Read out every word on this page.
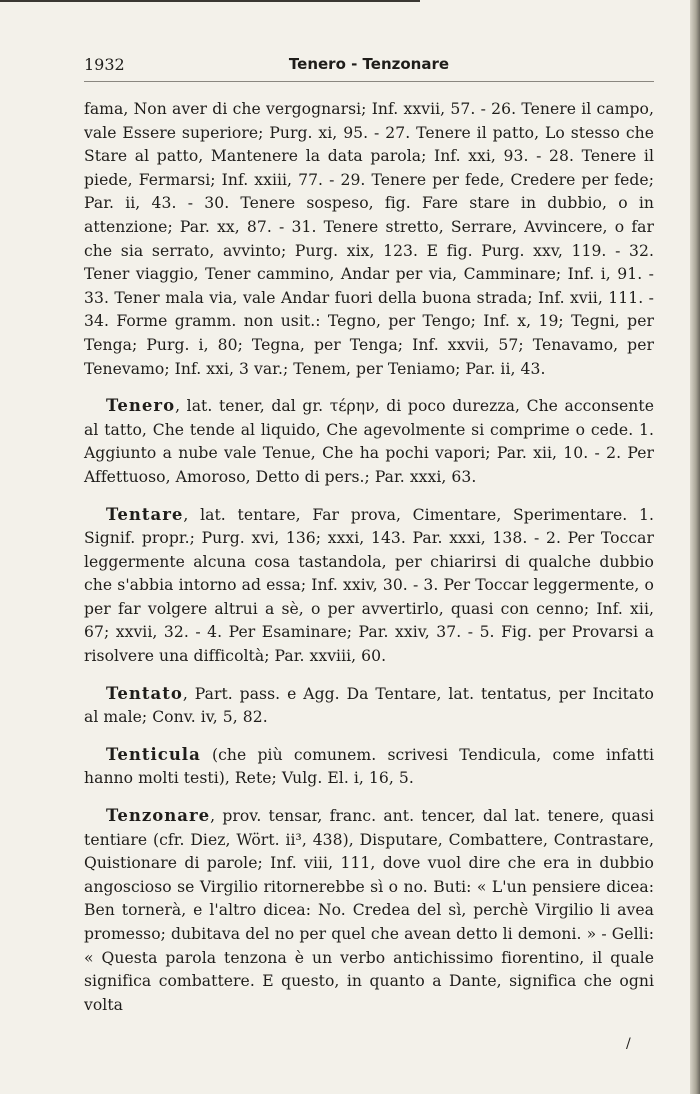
1932	Tenero - Tenzonare

fama, Non aver di che vergognarsi; Inf. xxvii, 57. - 26. Tenere il campo, vale Essere superiore; Purg. xi, 95. - 27. Tenere il patto, Lo stesso che Stare al patto, Mantenere la data parola; Inf. xxi, 93. - 28. Tenere il piede, Fermarsi; Inf. xxiii, 77. - 29. Tenere per fede, Credere per fede; Par. ii, 43. - 30. Tenere sospeso, fig. Fare stare in dubbio, o in attenzione; Par. xx, 87. - 31. Tenere stretto, Serrare, Avvincere, o far che sia serrato, avvinto; Purg. xix, 123. E fig. Purg. xxv, 119. - 32. Tener viaggio, Tener cammino, Andar per via, Camminare; Inf. i, 91. - 33. Tener mala via, vale Andar fuori della buona strada; Inf. xvii, 111. - 34. Forme gramm. non usit.: Tegno, per Tengo; Inf. x, 19; Tegni, per Tenga; Purg. i, 80; Tegna, per Tenga; Inf. xxvii, 57; Tenavamo, per Tenevamo; Inf. xxi, 3 var.; Tenem, per Teniamo; Par. ii, 43.

Tenero, lat. tener, dal gr. τέρην, di poco durezza, Che acconsente al tatto, Che tende al liquido, Che agevolmente si comprime o cede. 1. Aggiunto a nube vale Tenue, Che ha pochi vapori; Par. xii, 10. - 2. Per Affettuoso, Amoroso, Detto di pers.; Par. xxxi, 63.

Tentare, lat. tentare, Far prova, Cimentare, Sperimentare. 1. Signif. propr.; Purg. xvi, 136; xxxi, 143. Par. xxxi, 138. - 2. Per Toccar leggermente alcuna cosa tastandola, per chiarirsi di qualche dubbio che s'abbia intorno ad essa; Inf. xxiv, 30. - 3. Per Toccar leggermente, o per far volgere altrui a sè, o per avvertirlo, quasi con cenno; Inf. xii, 67; xxvii, 32. - 4. Per Esaminare; Par. xxiv, 37. - 5. Fig. per Provarsi a risolvere una difficoltà; Par. xxviii, 60.

Tentato, Part. pass. e Agg. Da Tentare, lat. tentatus, per Incitato al male; Conv. iv, 5, 82.

Tenticula (che più comunem. scrivesi Tendicula, come infatti hanno molti testi), Rete; Vulg. El. i, 16, 5.

Tenzonare, prov. tensar, franc. ant. tencer, dal lat. tenere, quasi tentiare (cfr. Diez, Wört. ii³, 438), Disputare, Combattere, Contrastare, Quistionare di parole; Inf. viii, 111, dove vuol dire che era in dubbio angoscioso se Virgilio ritornerebbe sì o no. Buti: « L'un pensiere dicea: Ben tornerà, e l'altro dicea: No. Credea del sì, perchè Virgilio li avea promesso; dubitava del no per quel che avean detto li demoni. » - Gelli: « Questa parola tenzona è un verbo antichissimo fiorentino, il quale significa combattere. E questo, in quanto a Dante, significa che ogni volta

/
